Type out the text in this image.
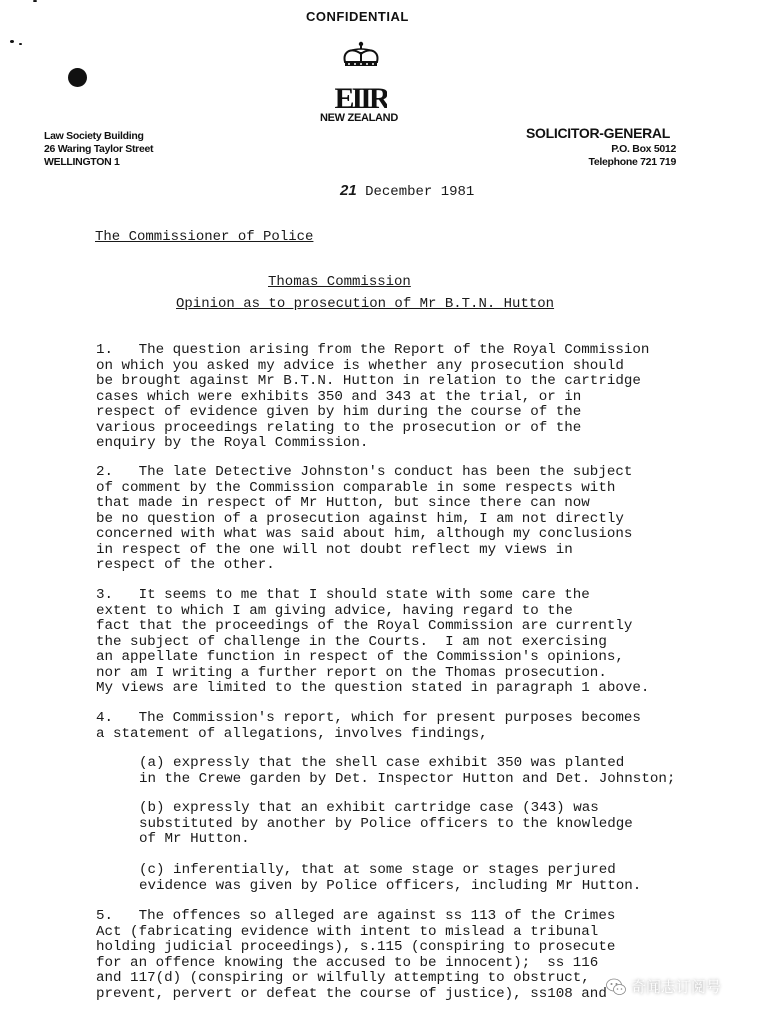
CONFIDENTIAL
EIIR
NEW ZEALAND
Law Society Building
26 Waring Taylor Street
WELLINGTON 1
SOLICITOR-GENERAL
P.O. Box 5012
Telephone 721 719
21 December 1981
The Commissioner of Police
Thomas Commission
Opinion as to prosecution of Mr B.T.N. Hutton
1.   The question arising from the Report of the Royal Commission
on which you asked my advice is whether any prosecution should
be brought against Mr B.T.N. Hutton in relation to the cartridge
cases which were exhibits 350 and 343 at the trial, or in
respect of evidence given by him during the course of the
various proceedings relating to the prosecution or of the
enquiry by the Royal Commission.
2.   The late Detective Johnston's conduct has been the subject
of comment by the Commission comparable in some respects with
that made in respect of Mr Hutton, but since there can now
be no question of a prosecution against him, I am not directly
concerned with what was said about him, although my conclusions
in respect of the one will not doubt reflect my views in
respect of the other.
3.   It seems to me that I should state with some care the
extent to which I am giving advice, having regard to the
fact that the proceedings of the Royal Commission are currently
the subject of challenge in the Courts.  I am not exercising
an appellate function in respect of the Commission's opinions,
nor am I writing a further report on the Thomas prosecution.
My views are limited to the question stated in paragraph 1 above.
4.   The Commission's report, which for present purposes becomes
a statement of allegations, involves findings,
(a) expressly that the shell case exhibit 350 was planted
in the Crewe garden by Det. Inspector Hutton and Det. Johnston;
(b) expressly that an exhibit cartridge case (343) was
substituted by another by Police officers to the knowledge
of Mr Hutton.
(c) inferentially, that at some stage or stages perjured
evidence was given by Police officers, including Mr Hutton.
5.   The offences so alleged are against ss 113 of the Crimes
Act (fabricating evidence with intent to mislead a tribunal
holding judicial proceedings), s.115 (conspiring to prosecute
for an offence knowing the accused to be innocent);  ss 116
and 117(d) (conspiring or wilfully attempting to obstruct,
prevent, pervert or defeat the course of justice), ss108 and	奇闻志订阅号
